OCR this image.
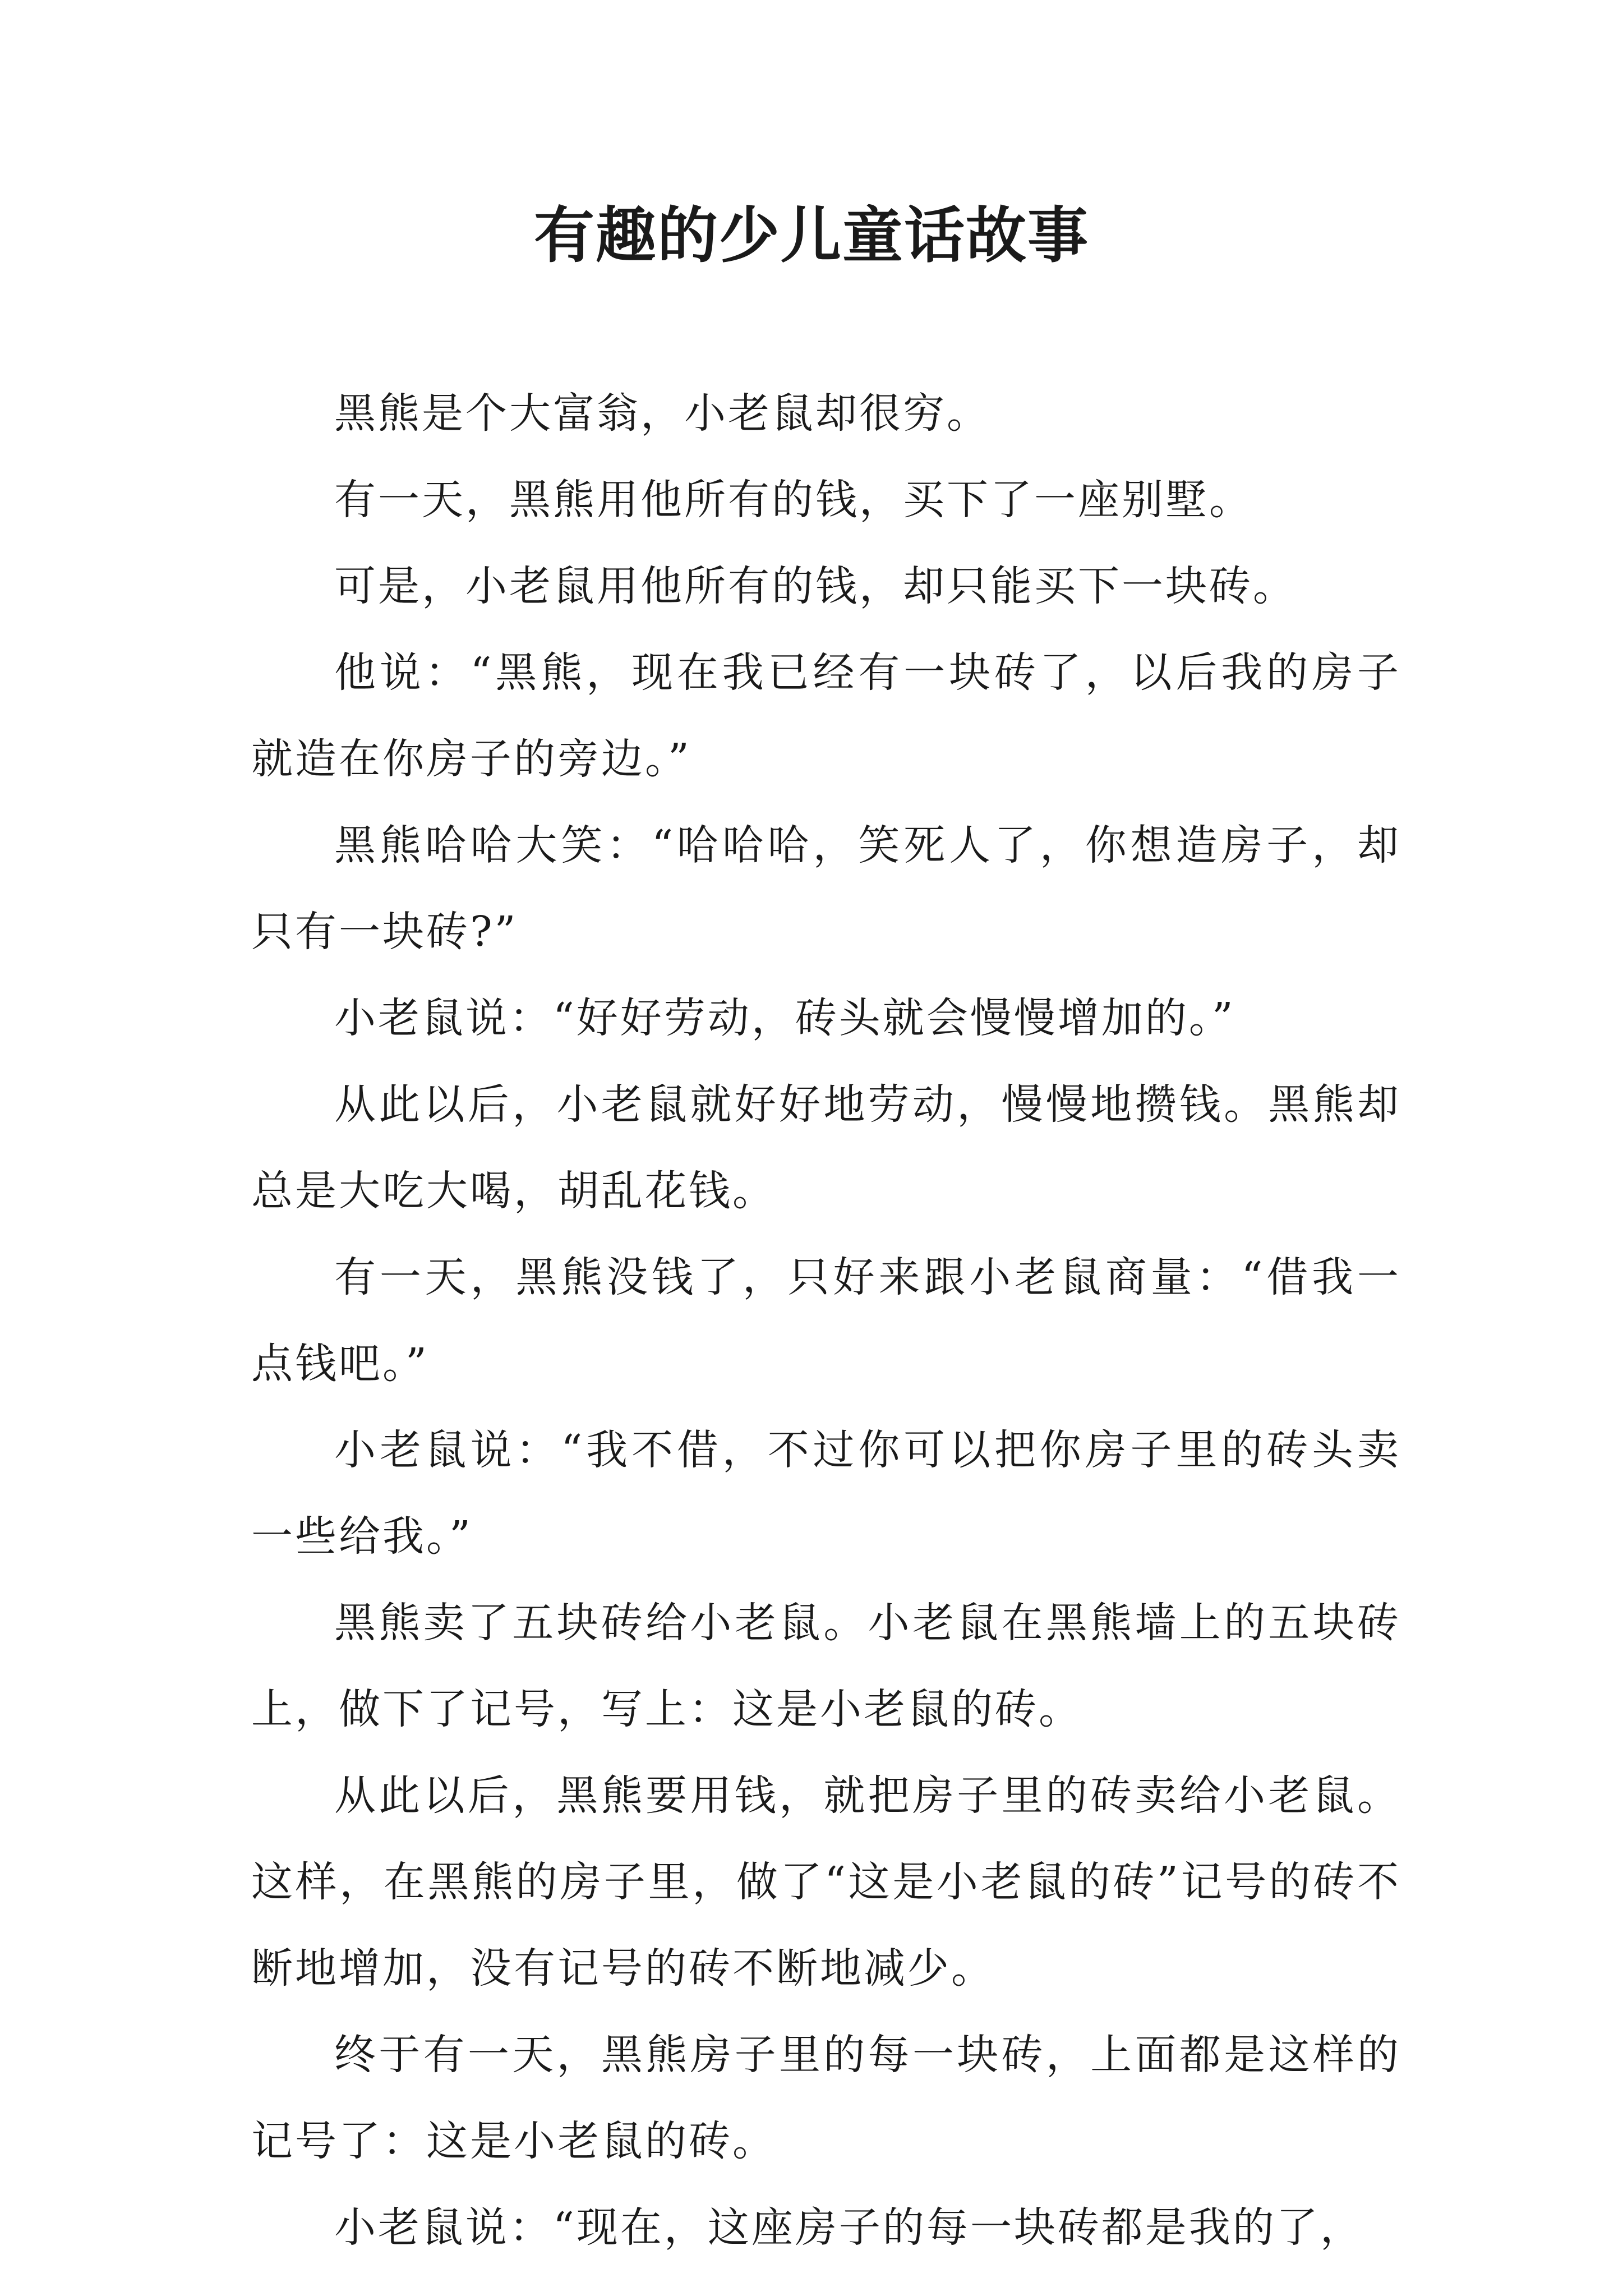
有趣的少儿童话故事

黑熊是个大富翁，小老鼠却很穷。

有一天，黑熊用他所有的钱，买下了一座别墅。

可是，小老鼠用他所有的钱，却只能买下一块砖。

他说：“黑熊，现在我已经有一块砖了，以后我的房子就造在你房子的旁边。”

黑熊哈哈大笑：“哈哈哈，笑死人了，你想造房子，却只有一块砖?”

小老鼠说：“好好劳动，砖头就会慢慢增加的。”

从此以后，小老鼠就好好地劳动，慢慢地攒钱。黑熊却总是大吃大喝，胡乱花钱。

有一天，黑熊没钱了，只好来跟小老鼠商量：“借我一点钱吧。”

小老鼠说：“我不借，不过你可以把你房子里的砖头卖一些给我。”

黑熊卖了五块砖给小老鼠。小老鼠在黑熊墙上的五块砖上，做下了记号，写上：这是小老鼠的砖。

从此以后，黑熊要用钱，就把房子里的砖卖给小老鼠。这样，在黑熊的房子里，做了“这是小老鼠的砖”记号的砖不断地增加，没有记号的砖不断地减少。

终于有一天，黑熊房子里的每一块砖，上面都是这样的记号了：这是小老鼠的砖。

小老鼠说：“现在，这座房子的每一块砖都是我的了，
